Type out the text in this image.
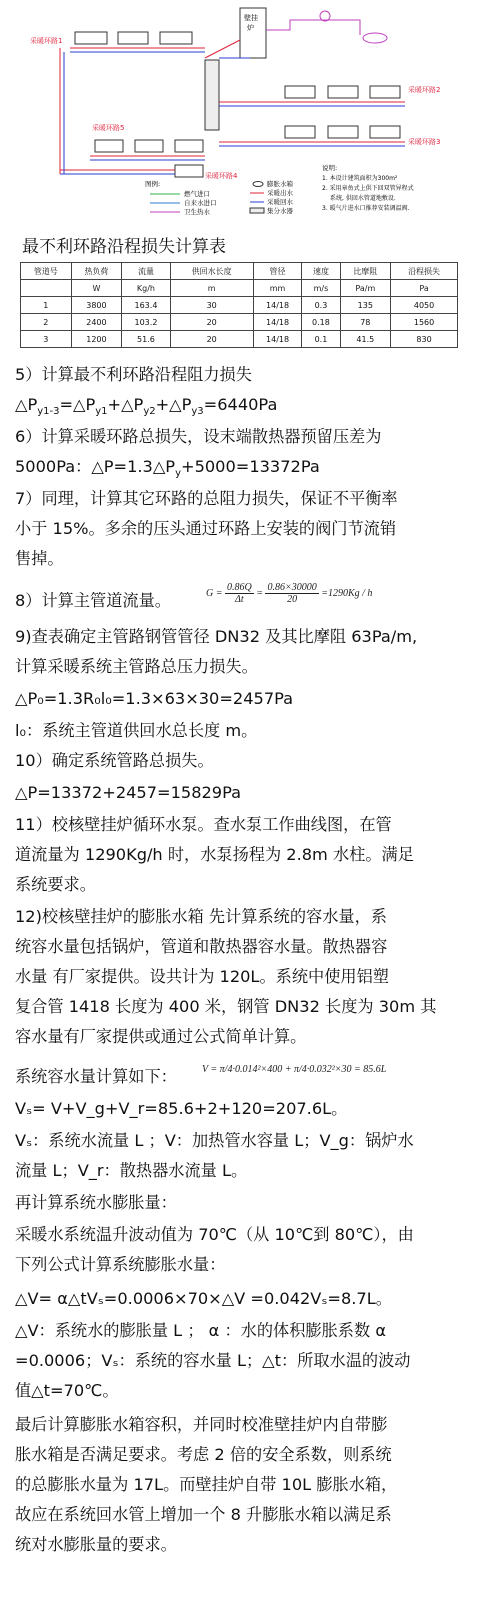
壁挂
炉
采暖环路1
采暖环路2
采暖环路3
采暖环路4
采暖环路5
图例:
燃气进口
自来水进口
卫生热水
膨胀水箱
采暖出水
采暖回水
集分水器
说明:
1. 本设计建筑面积为300m²
2. 采用章鱼式上供下回双管异程式
系统, 供回水管道地敷设.
3. 暖气片进水口推荐安装调温阀.
最不利环路沿程损失计算表
管道号	热负荷	流量	供回水长度	管径	速度	比摩阻	沿程损失
	W	Kg/h	m	mm	m/s	Pa/m	Pa
1	3800	163.4	30	14/18	0.3	135	4050
2	2400	103.2	20	14/18	0.18	78	1560
3	1200	51.6	20	14/18	0.1	41.5	830

5）计算最不利环路沿程阻力损失

$\triangle P_{y1-3}=\triangle P_{y1}+\triangle P_{y2}+\triangle P_{y3}=6440Pa$

6）计算采暖环路总损失，设末端散热器预留压差为

5000Pa：$\triangle P=1.3\triangle P_y+5000=13372Pa$

7）同理，计算其它环路的总阻力损失，保证不平衡率

小于 15%。多余的压头通过环路上安装的阀门节流销

售掉。

8）计算主管道流量。	$G = \frac{0.86Q}{\Delta t} = \frac{0.86\times 30000}{20} =1290Kg / h$

9)查表确定主管路钢管管径 DN32 及其比摩阻 63Pa/m,

计算采暖系统主管路总压力损失。

△P₀=1.3R₀l₀=1.3×63×30=2457Pa

l₀：系统主管道供回水总长度 m。

10）确定系统管路总损失。

△P=13372+2457=15829Pa

11）校核壁挂炉循环水泵。查水泵工作曲线图，在管

道流量为 1290Kg/h 时，水泵扬程为 2.8m 水柱。满足

系统要求。

12)校核壁挂炉的膨胀水箱 先计算系统的容水量，系

统容水量包括锅炉，管道和散热器容水量。散热器容

水量 有厂家提供。设共计为 120L。系统中使用铝塑

复合管 1418 长度为 400 米，钢管 DN32 长度为 30m 其

容水量有厂家提供或通过公式简单计算。

系统容水量计算如下：	V = π/4·0.014²×400 + π/4·0.032²×30 = 85.6L

Vₛ= V+V_g+V_r=85.6+2+120=207.6L。

Vₛ：系统水流量 L ；V：加热管水容量 L；V_g：锅炉水

流量 L；V_r：散热器水流量 L。

再计算系统水膨胀量：

采暖水系统温升波动值为 70℃（从 10℃到 80℃），由

下列公式计算系统膨胀水量：

△V= α△tVₛ=0.0006×70×△V =0.042Vₛ=8.7L。

△V：系统水的膨胀量 L ； α ：水的体积膨胀系数 α

=0.0006；Vₛ：系统的容水量 L；△t：所取水温的波动

值△t=70℃。

最后计算膨胀水箱容积，并同时校准壁挂炉内自带膨

胀水箱是否满足要求。考虑 2 倍的安全系数，则系统

的总膨胀水量为 17L。而壁挂炉自带 10L 膨胀水箱，

故应在系统回水管上增加一个 8 升膨胀水箱以满足系

统对水膨胀量的要求。
